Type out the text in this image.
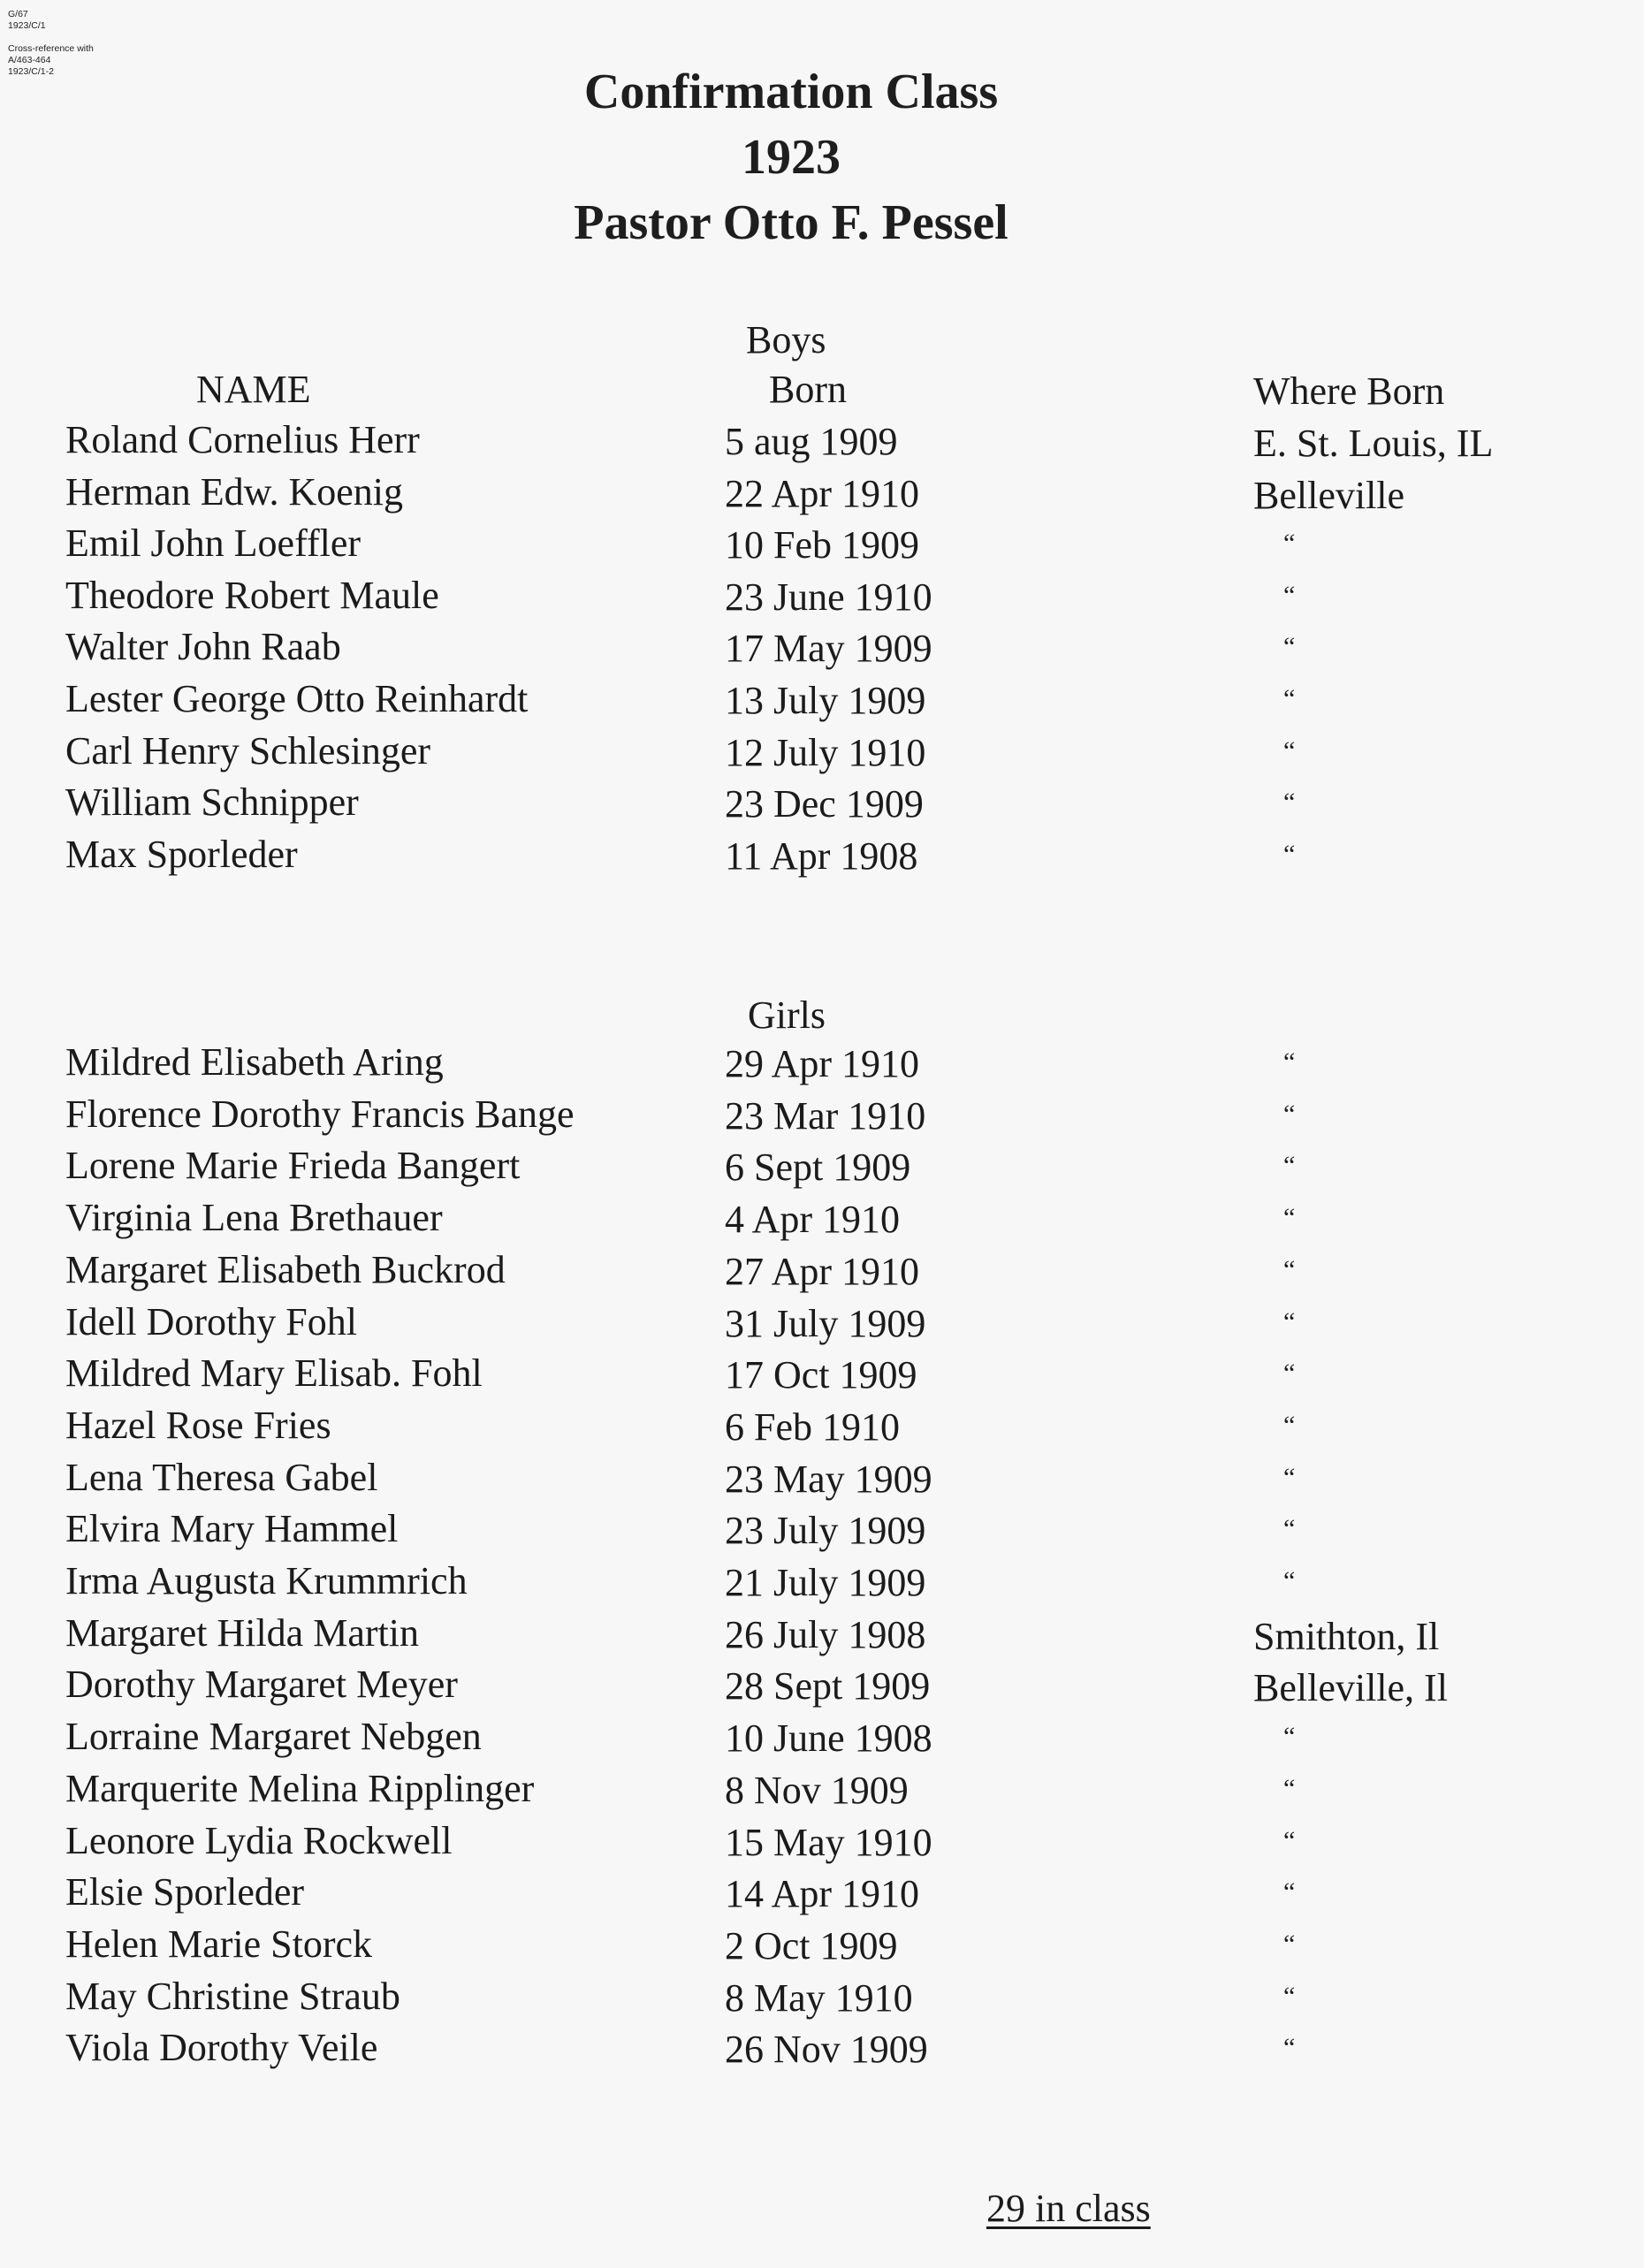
G/67
1923/C/1
Cross-reference with
A/463-464
1923/C/1-2	Confirmation Class
1923
Pastor Otto F. Pessel
Boys
NAME	Born	Where Born
Roland Cornelius Herr	5 aug 1909	E. St. Louis, IL
Herman Edw. Koenig	22 Apr 1910	Belleville
Emil John Loeffler	10 Feb 1909	“
Theodore Robert Maule	23 June 1910	“
Walter John Raab	17 May 1909	“
Lester George Otto Reinhardt	13 July 1909	“
Carl Henry Schlesinger	12 July 1910	“
William Schnipper	23 Dec 1909	“
Max Sporleder	11 Apr 1908	“
Girls
Mildred Elisabeth Aring	29 Apr 1910	“
Florence Dorothy Francis Bange	23 Mar 1910	“
Lorene Marie Frieda Bangert	6 Sept 1909	“
Virginia Lena Brethauer	4 Apr 1910	“
Margaret Elisabeth Buckrod	27 Apr 1910	“
Idell Dorothy Fohl	31 July 1909	“
Mildred Mary Elisab. Fohl	17 Oct 1909	“
Hazel Rose Fries	6 Feb 1910	“
Lena Theresa Gabel	23 May 1909	“
Elvira Mary Hammel	23 July 1909	“
Irma Augusta Krummrich	21 July 1909	“
Margaret Hilda Martin	26 July 1908	Smithton, Il
Dorothy Margaret Meyer	28 Sept 1909	Belleville, Il
Lorraine Margaret Nebgen	10 June 1908	“
Marquerite Melina Ripplinger	8 Nov 1909	“
Leonore Lydia Rockwell	15 May 1910	“
Elsie Sporleder	14 Apr 1910	“
Helen Marie Storck	2 Oct 1909	“
May Christine Straub	8 May 1910	“
Viola Dorothy Veile	26 Nov 1909	“
29 in class
